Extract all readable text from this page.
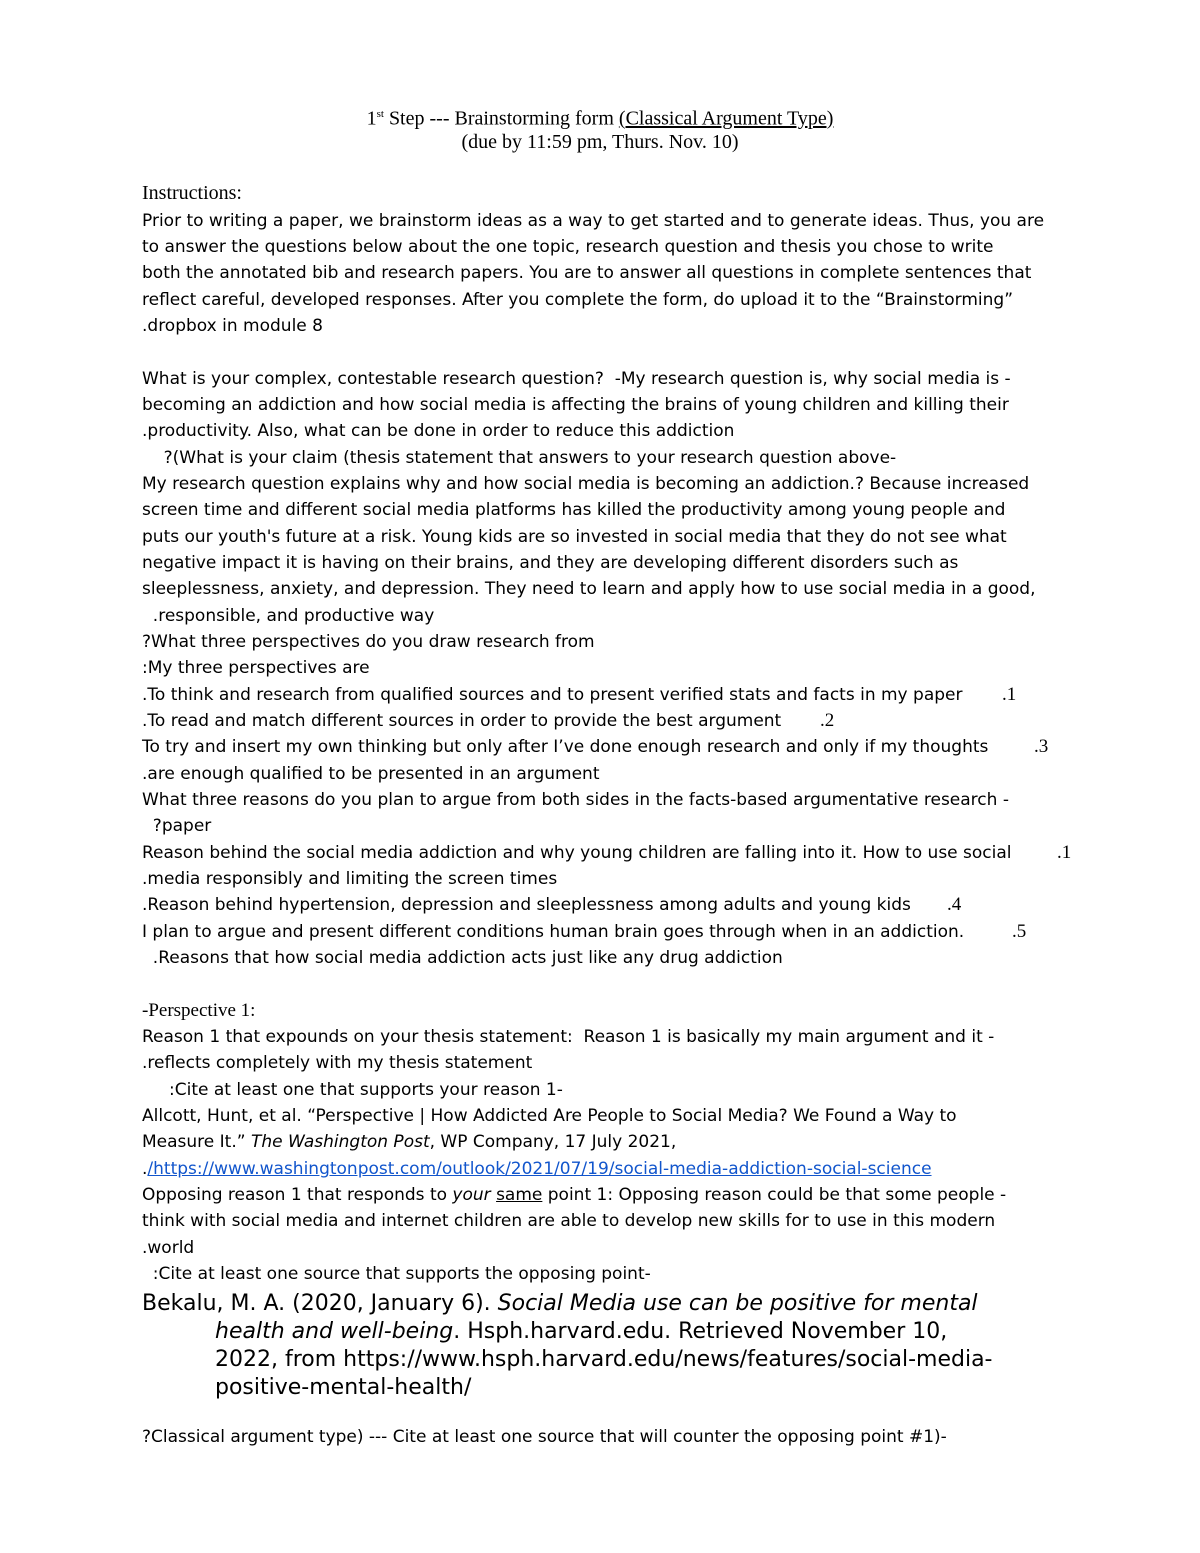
1st Step --- Brainstorming form (Classical Argument Type)
(due by 11:59 pm, Thurs. Nov. 10)
Instructions:
Prior to writing a paper, we brainstorm ideas as a way to get started and to generate ideas. Thus, you are
to answer the questions below about the one topic, research question and thesis you chose to write
both the annotated bib and research papers. You are to answer all questions in complete sentences that
reflect careful, developed responses. After you complete the form, do upload it to the “Brainstorming”
.dropbox in module 8
What is your complex, contestable research question?  -My research question is, why social media is -
becoming an addiction and how social media is affecting the brains of young children and killing their
.productivity. Also, what can be done in order to reduce this addiction
?(What is your claim (thesis statement that answers to your research question above-
My research question explains why and how social media is becoming an addiction.? Because increased
screen time and different social media platforms has killed the productivity among young people and
puts our youth's future at a risk. Young kids are so invested in social media that they do not see what
negative impact it is having on their brains, and they are developing different disorders such as
sleeplessness, anxiety, and depression. They need to learn and apply how to use social media in a good,
.responsible, and productive way
?What three perspectives do you draw research from
:My three perspectives are
.To think and research from qualified sources and to present verified stats and facts in my paper .1
.To read and match different sources in order to provide the best argument .2
To try and insert my own thinking but only after I’ve done enough research and only if my thoughts .3
.are enough qualified to be presented in an argument
What three reasons do you plan to argue from both sides in the facts-based argumentative research -
?paper
Reason behind the social media addiction and why young children are falling into it. How to use social .1
.media responsibly and limiting the screen times
.Reason behind hypertension, depression and sleeplessness among adults and young kids .4
I plan to argue and present different conditions human brain goes through when in an addiction.	.5
.Reasons that how social media addiction acts just like any drug addiction
-Perspective 1:
Reason 1 that expounds on your thesis statement:  Reason 1 is basically my main argument and it -
.reflects completely with my thesis statement
:Cite at least one that supports your reason 1-
Allcott, Hunt, et al. “Perspective | How Addicted Are People to Social Media? We Found a Way to
Measure It.” The Washington Post, WP Company, 17 July 2021,
./https://www.washingtonpost.com/outlook/2021/07/19/social-media-addiction-social-science
Opposing reason 1 that responds to your same point 1: Opposing reason could be that some people -
think with social media and internet children are able to develop new skills for to use in this modern
.world
:Cite at least one source that supports the opposing point-
Bekalu, M. A. (2020, January 6). Social Media use can be positive for mental
health and well-being. Hsph.harvard.edu. Retrieved November 10,
2022, from https://www.hsph.harvard.edu/news/features/social-media-
positive-mental-health/
?Classical argument type) --- Cite at least one source that will counter the opposing point #1)-
